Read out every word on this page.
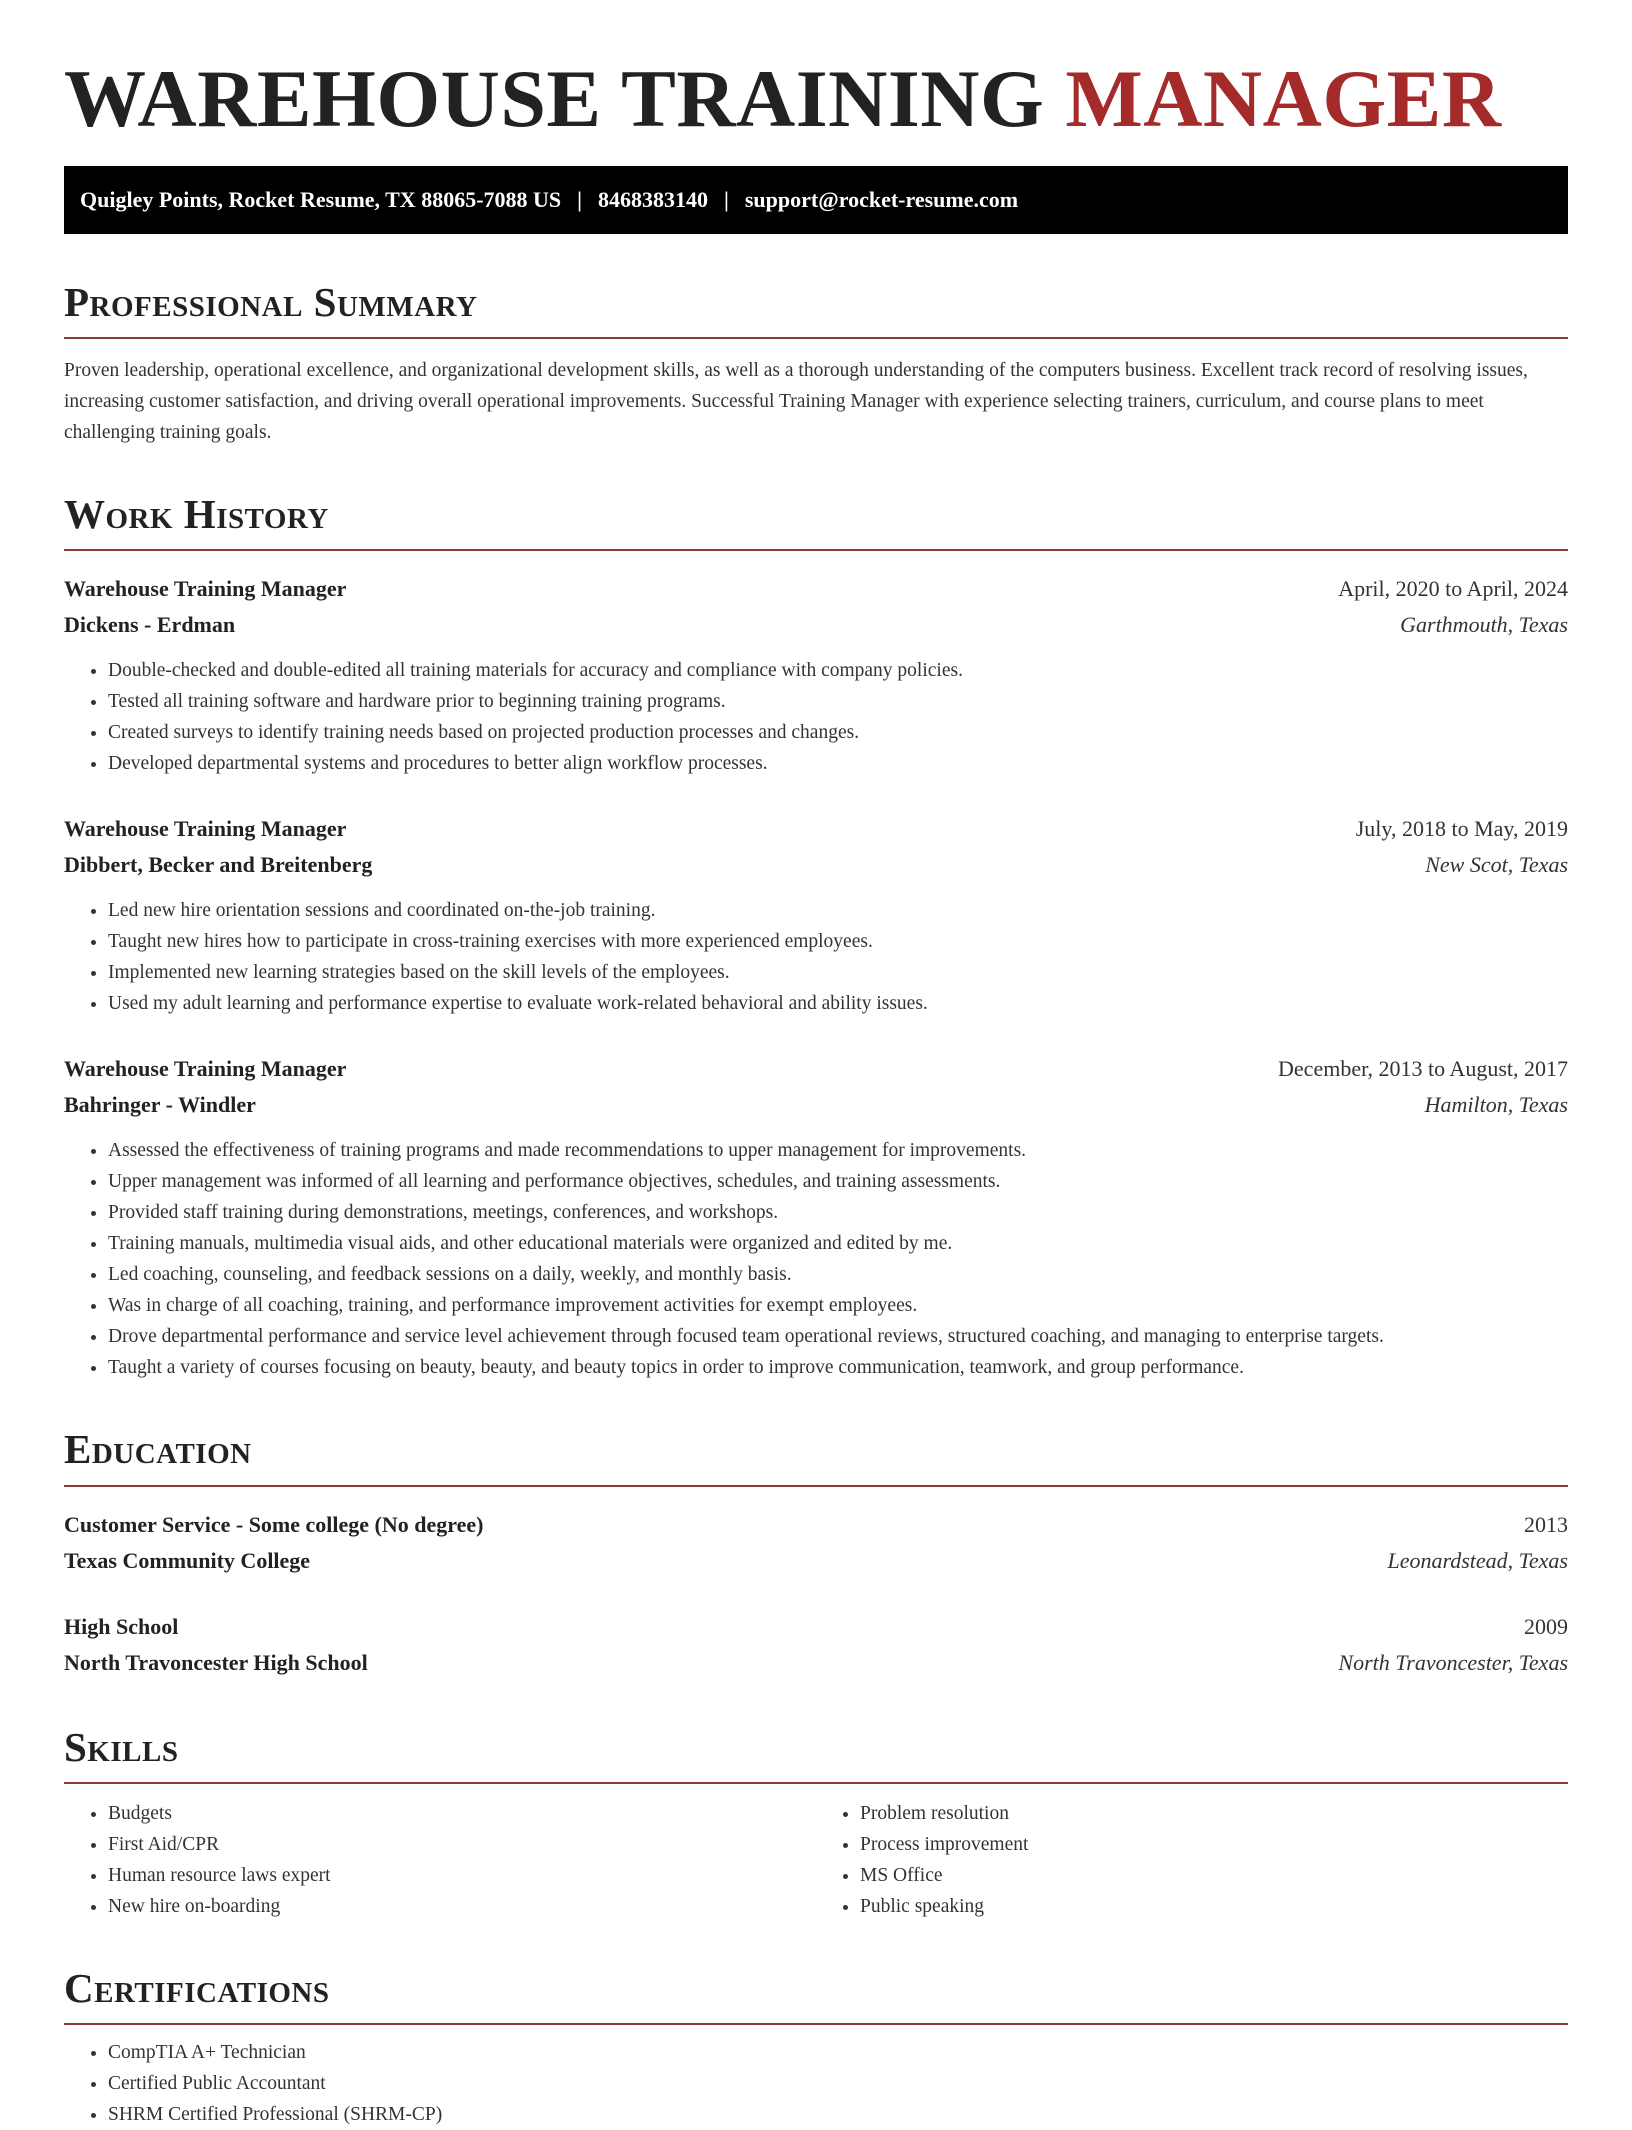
WAREHOUSE TRAINING MANAGER
Quigley Points, Rocket Resume, TX 88065-7088 US | 8468383140 | support@rocket-resume.com
Professional Summary

Proven leadership, operational excellence, and organizational development skills, as well as a thorough understanding of the computers business. Excellent track record of resolving issues, increasing customer satisfaction, and driving overall operational improvements. Successful Training Manager with experience selecting trainers, curriculum, and course plans to meet challenging training goals.

Work History
Warehouse Training Manager	April, 2020 to April, 2024
Dickens - Erdman	Garthmouth, Texas
• Double-checked and double-edited all training materials for accuracy and compliance with company policies.
• Tested all training software and hardware prior to beginning training programs.
• Created surveys to identify training needs based on projected production processes and changes.
• Developed departmental systems and procedures to better align workflow processes.
Warehouse Training Manager	July, 2018 to May, 2019
Dibbert, Becker and Breitenberg	New Scot, Texas
• Led new hire orientation sessions and coordinated on-the-job training.
• Taught new hires how to participate in cross-training exercises with more experienced employees.
• Implemented new learning strategies based on the skill levels of the employees.
• Used my adult learning and performance expertise to evaluate work-related behavioral and ability issues.
Warehouse Training Manager	December, 2013 to August, 2017
Bahringer - Windler	Hamilton, Texas
• Assessed the effectiveness of training programs and made recommendations to upper management for improvements.
• Upper management was informed of all learning and performance objectives, schedules, and training assessments.
• Provided staff training during demonstrations, meetings, conferences, and workshops.
• Training manuals, multimedia visual aids, and other educational materials were organized and edited by me.
• Led coaching, counseling, and feedback sessions on a daily, weekly, and monthly basis.
• Was in charge of all coaching, training, and performance improvement activities for exempt employees.
• Drove departmental performance and service level achievement through focused team operational reviews, structured coaching, and managing to enterprise targets.
• Taught a variety of courses focusing on beauty, beauty, and beauty topics in order to improve communication, teamwork, and group performance.
Education
Customer Service - Some college (No degree)	2013
Texas Community College	Leonardstead, Texas
High School	2009
North Travoncester High School	North Travoncester, Texas
Skills
• Budgets
• First Aid/CPR
• Human resource laws expert
• New hire on-boarding
• Problem resolution
• Process improvement
• MS Office
• Public speaking
Certifications
• CompTIA A+ Technician
• Certified Public Accountant
• SHRM Certified Professional (SHRM-CP)
